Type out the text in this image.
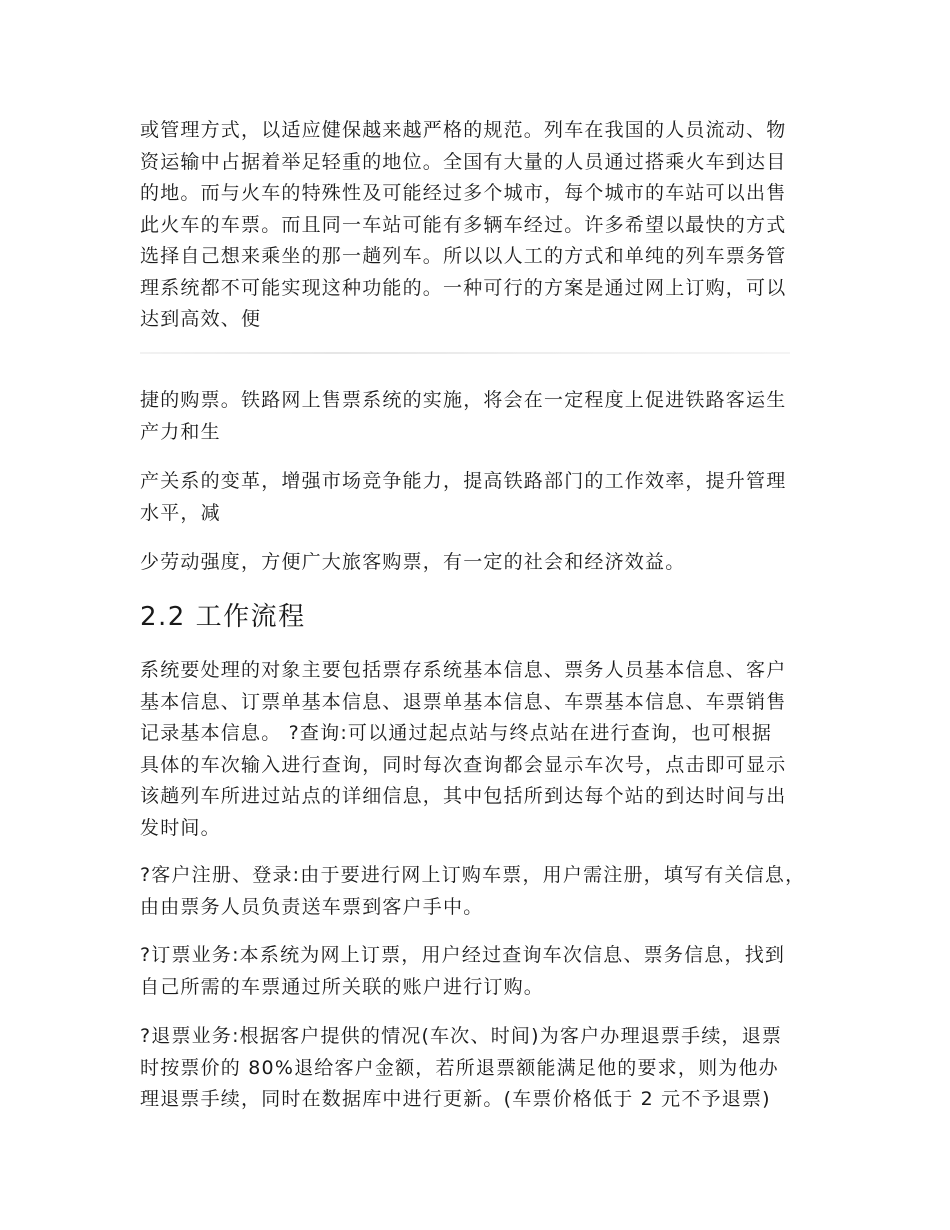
或管理方式，以适应健保越来越严格的规范。列车在我国的人员流动、物
资运输中占据着举足轻重的地位。全国有大量的人员通过搭乘火车到达目
的地。而与火车的特殊性及可能经过多个城市，每个城市的车站可以出售
此火车的车票。而且同一车站可能有多辆车经过。许多希望以最快的方式
选择自己想来乘坐的那一趟列车。所以以人工的方式和单纯的列车票务管
理系统都不可能实现这种功能的。一种可行的方案是通过网上订购，可以
达到高效、便
捷的购票。铁路网上售票系统的实施，将会在一定程度上促进铁路客运生
产力和生
产关系的变革，增强市场竞争能力，提高铁路部门的工作效率，提升管理
水平，减
少劳动强度，方便广大旅客购票，有一定的社会和经济效益。
2.2 工作流程
系统要处理的对象主要包括票存系统基本信息、票务人员基本信息、客户
基本信息、订票单基本信息、退票单基本信息、车票基本信息、车票销售
记录基本信息。 ?查询:可以通过起点站与终点站在进行查询，也可根据
具体的车次输入进行查询，同时每次查询都会显示车次号，点击即可显示
该趟列车所进过站点的详细信息，其中包括所到达每个站的到达时间与出
发时间。
?客户注册、登录:由于要进行网上订购车票，用户需注册，填写有关信息，
由由票务人员负责送车票到客户手中。
?订票业务:本系统为网上订票，用户经过查询车次信息、票务信息，找到
自己所需的车票通过所关联的账户进行订购。
?退票业务:根据客户提供的情况(车次、时间)为客户办理退票手续，退票
时按票价的 80%退给客户金额，若所退票额能满足他的要求，则为他办
理退票手续，同时在数据库中进行更新。(车票价格低于 2 元不予退票)
